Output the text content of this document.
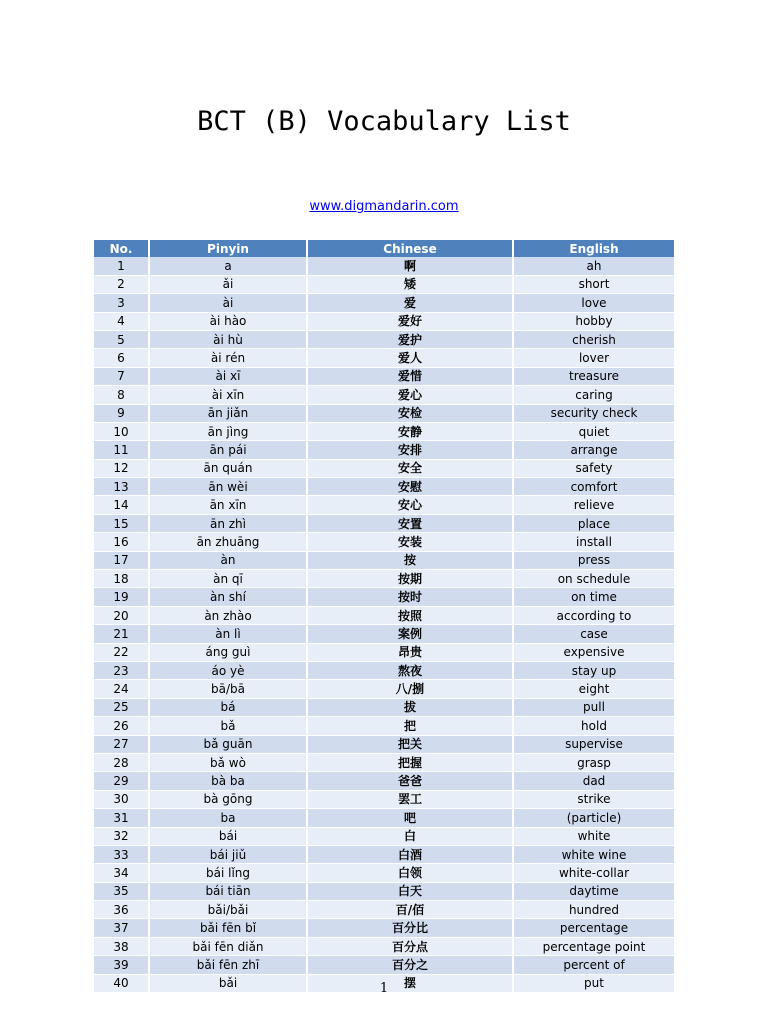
BCT (B) Vocabulary List
www.digmandarin.com
No.	Pinyin	Chinese	English
1	a	啊	ah
2	ǎi	矮	short
3	ài	爱	love
4	ài hào	爱好	hobby
5	ài hù	爱护	cherish
6	ài rén	爱人	lover
7	ài xī	爱惜	treasure
8	ài xīn	爱心	caring
9	ān jiǎn	安检	security check
10	ān jìng	安静	quiet
11	ān pái	安排	arrange
12	ān quán	安全	safety
13	ān wèi	安慰	comfort
14	ān xīn	安心	relieve
15	ān zhì	安置	place
16	ān zhuāng	安装	install
17	àn	按	press
18	àn qī	按期	on schedule
19	àn shí	按时	on time
20	àn zhào	按照	according to
21	àn lì	案例	case
22	áng guì	昂贵	expensive
23	áo yè	熬夜	stay up
24	bā/bā	八/捌	eight
25	bá	拔	pull
26	bǎ	把	hold
27	bǎ guān	把关	supervise
28	bǎ wò	把握	grasp
29	bà ba	爸爸	dad
30	bà gōng	罢工	strike
31	ba	吧	(particle)
32	bái	白	white
33	bái jiǔ	白酒	white wine
34	bái lǐng	白领	white-collar
35	bái tiān	白天	daytime
36	bǎi/bǎi	百/佰	hundred
37	bǎi fēn bǐ	百分比	percentage
38	bǎi fēn diǎn	百分点	percentage point
39	bǎi fēn zhī	百分之	percent of
40	bǎi	摆	put
1
